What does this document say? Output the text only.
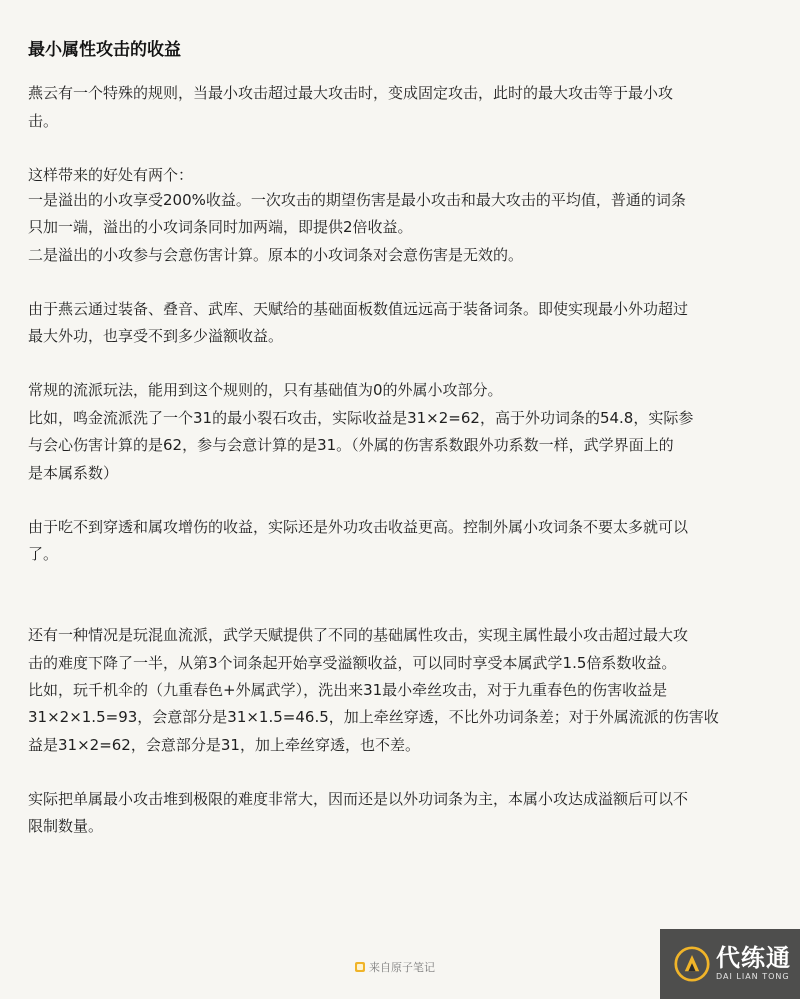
最小属性攻击的收益
燕云有一个特殊的规则，当最小攻击超过最大攻击时，变成固定攻击，此时的最大攻击等于最小攻
击。
这样带来的好处有两个：
一是溢出的小攻享受200%收益。一次攻击的期望伤害是最小攻击和最大攻击的平均值，普通的词条
只加一端，溢出的小攻词条同时加两端，即提供2倍收益。
二是溢出的小攻参与会意伤害计算。原本的小攻词条对会意伤害是无效的。
由于燕云通过装备、叠音、武库、天赋给的基础面板数值远远高于装备词条。即使实现最小外功超过
最大外功，也享受不到多少溢额收益。
常规的流派玩法，能用到这个规则的，只有基础值为0的外属小攻部分。
比如，鸣金流派洗了一个31的最小裂石攻击，实际收益是31×2=62，高于外功词条的54.8，实际参
与会心伤害计算的是62，参与会意计算的是31。（外属的伤害系数跟外功系数一样，武学界面上的
是本属系数）
由于吃不到穿透和属攻增伤的收益，实际还是外功攻击收益更高。控制外属小攻词条不要太多就可以
了。
还有一种情况是玩混血流派，武学天赋提供了不同的基础属性攻击，实现主属性最小攻击超过最大攻
击的难度下降了一半，从第3个词条起开始享受溢额收益，可以同时享受本属武学1.5倍系数收益。
比如，玩千机伞的（九重春色+外属武学），洗出来31最小牵丝攻击，对于九重春色的伤害收益是
31×2×1.5=93，会意部分是31×1.5=46.5，加上牵丝穿透，不比外功词条差；对于外属流派的伤害收
益是31×2=62，会意部分是31，加上牵丝穿透，也不差。
实际把单属最小攻击堆到极限的难度非常大，因而还是以外功词条为主，本属小攻达成溢额后可以不
限制数量。
来自原子笔记	代练通
DAI LIAN TONG
